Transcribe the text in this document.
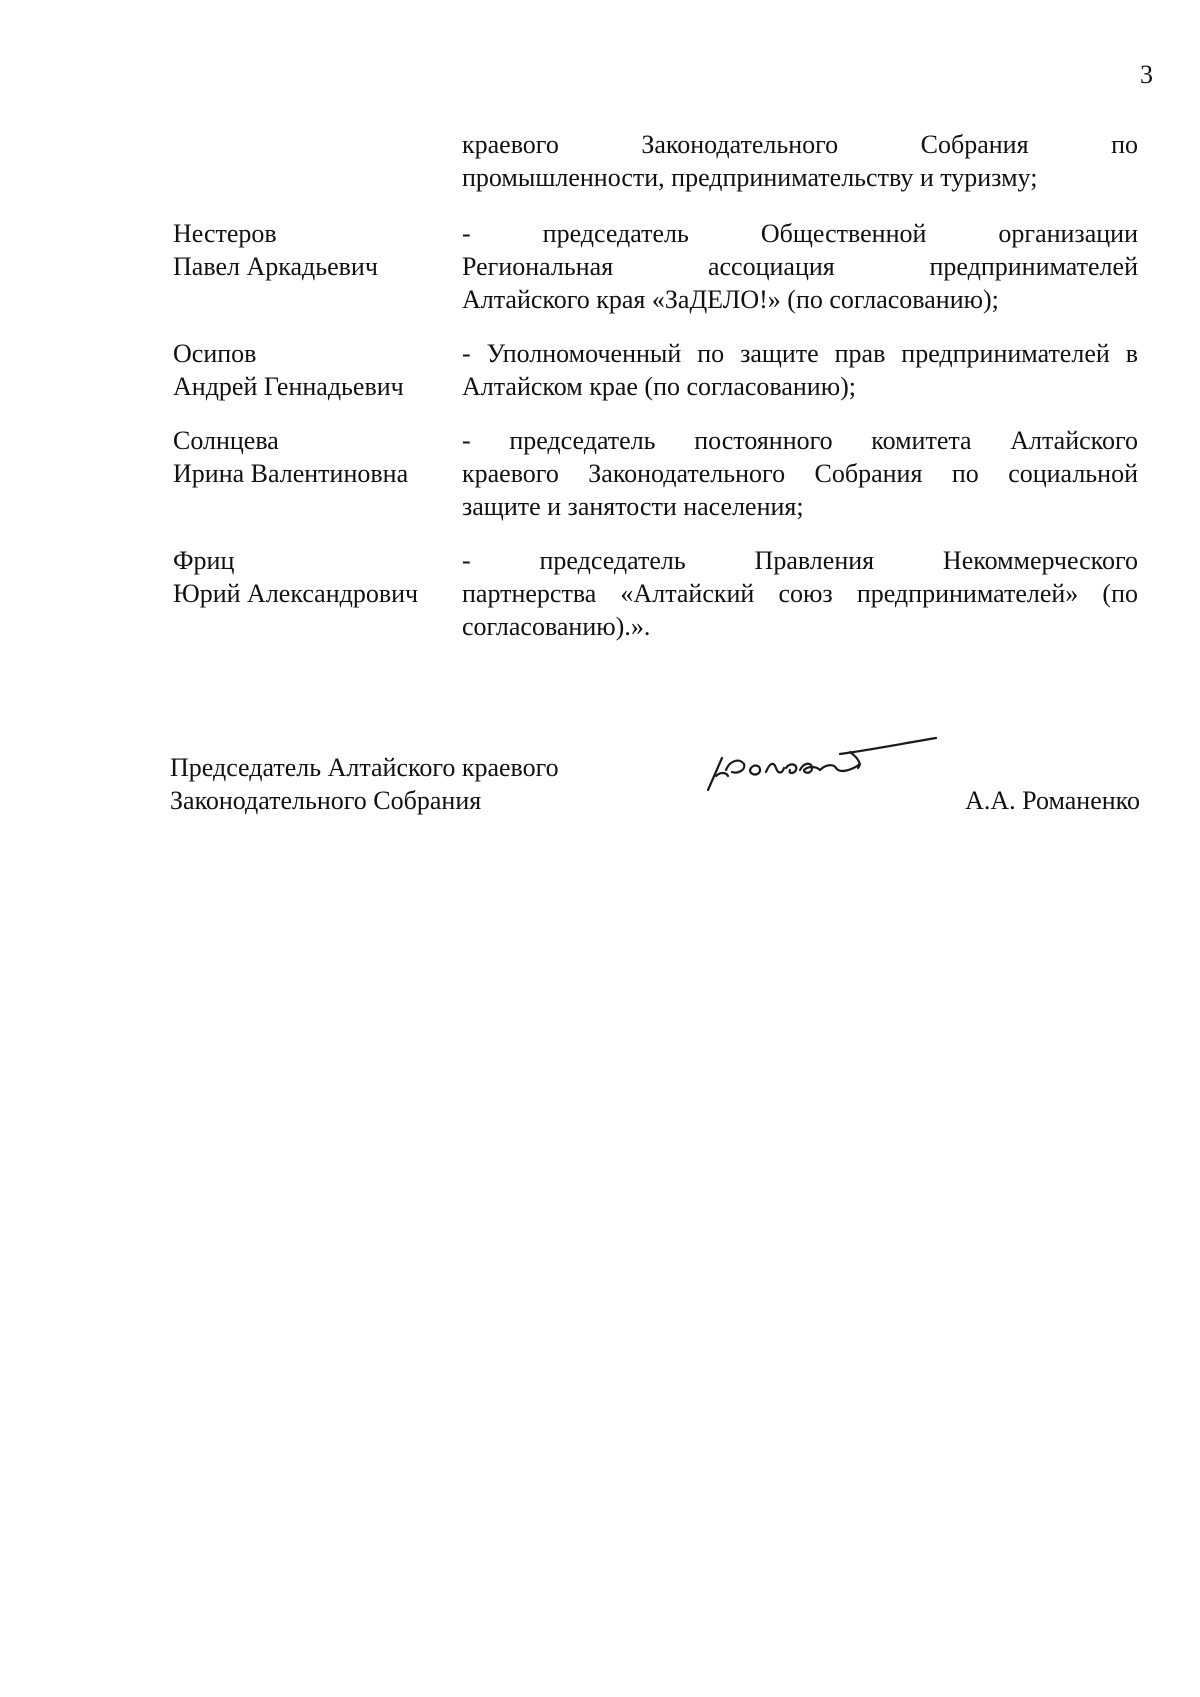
3
краевого Законодательного Собрания по
промышленности, предпринимательству и туризму;
Нестеров
Павел Аркадьевич
- председатель Общественной организации
Региональная ассоциация предпринимателей
Алтайского края «ЗаДЕЛО!» (по согласованию);
Осипов
Андрей Геннадьевич
- Уполномоченный по защите прав предпринимателей в
Алтайском крае (по согласованию);
Солнцева
Ирина Валентиновна
- председатель постоянного комитета Алтайского
краевого Законодательного Собрания по социальной
защите и занятости населения;
Фриц
Юрий Александрович
- председатель Правления Некоммерческого
партнерства «Алтайский союз предпринимателей» (по
согласованию).».
Председатель Алтайского краевого
Законодательного Собрания	А.А. Романенко
